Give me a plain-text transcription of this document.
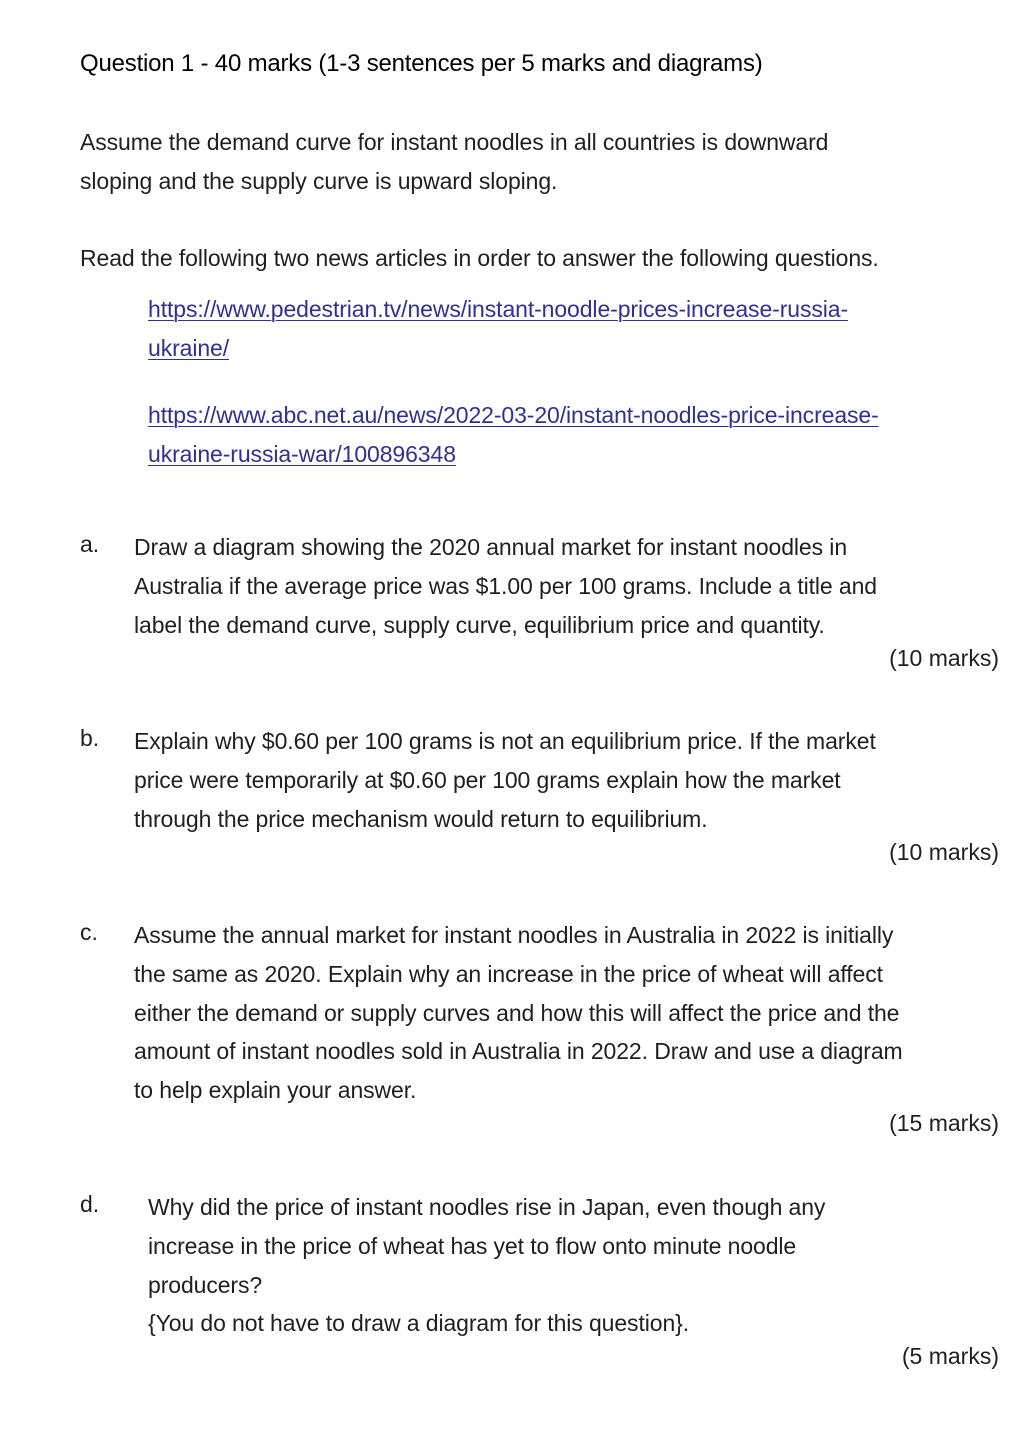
Question 1 - 40 marks (1-3 sentences per 5 marks and diagrams)
Assume the demand curve for instant noodles in all countries is downward
sloping and the supply curve is upward sloping.
Read the following two news articles in order to answer the following questions.
https://www.pedestrian.tv/news/instant-noodle-prices-increase-russia-
ukraine/
https://www.abc.net.au/news/2022-03-20/instant-noodles-price-increase-
ukraine-russia-war/100896348
a. Draw a diagram showing the 2020 annual market for instant noodles in
Australia if the average price was $1.00 per 100 grams. Include a title and
label the demand curve, supply curve, equilibrium price and quantity.
(10 marks)
b. Explain why $0.60 per 100 grams is not an equilibrium price. If the market
price were temporarily at $0.60 per 100 grams explain how the market
through the price mechanism would return to equilibrium.
(10 marks)
c. Assume the annual market for instant noodles in Australia in 2022 is initially
the same as 2020. Explain why an increase in the price of wheat will affect
either the demand or supply curves and how this will affect the price and the
amount of instant noodles sold in Australia in 2022. Draw and use a diagram
to help explain your answer.
(15 marks)
d. Why did the price of instant noodles rise in Japan, even though any
increase in the price of wheat has yet to flow onto minute noodle
producers?
{You do not have to draw a diagram for this question}.
(5 marks)
